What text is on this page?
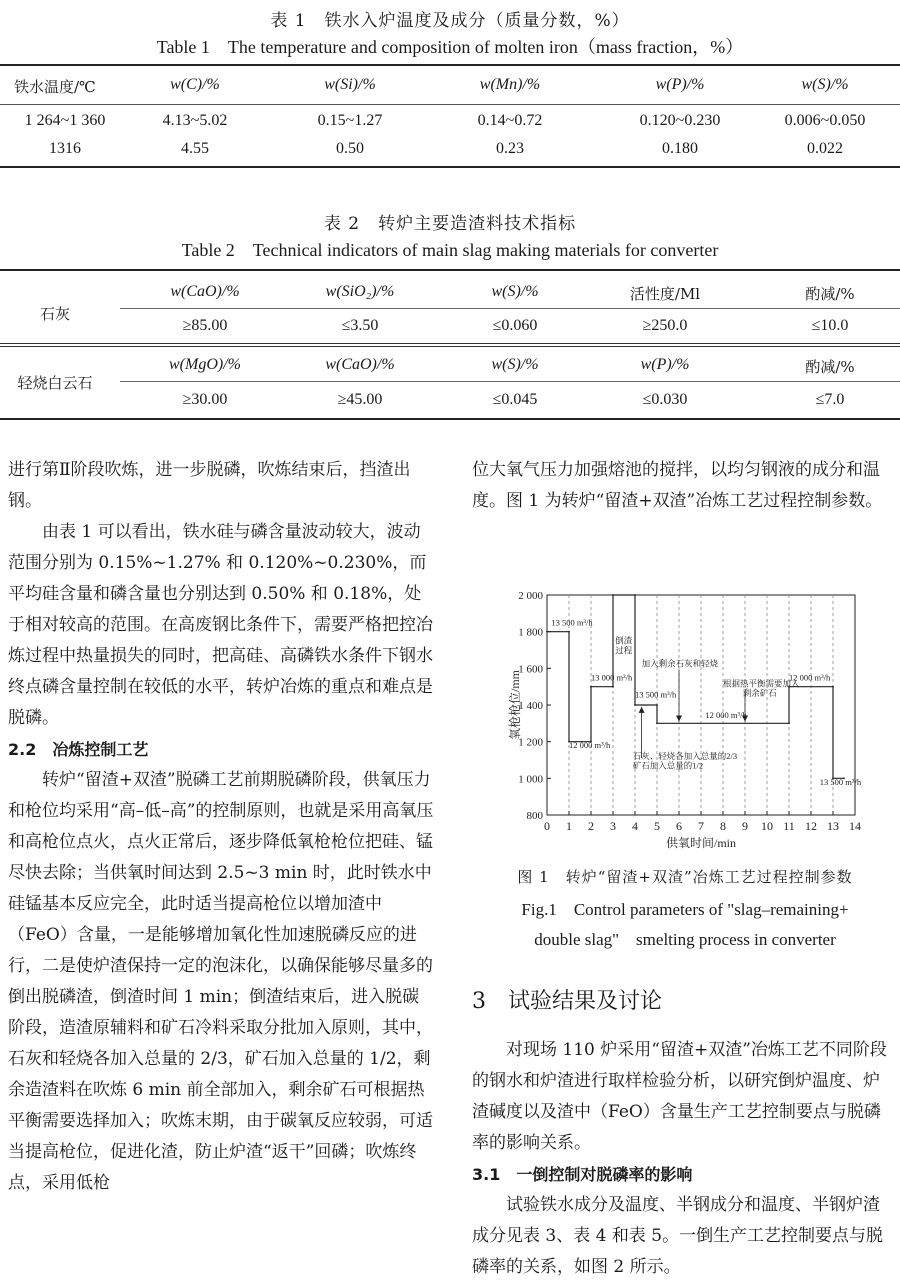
表 1　铁水入炉温度及成分（质量分数，%）
Table 1　The temperature and composition of molten iron（mass fraction，%）
铁水温度/℃	w(C)/%	w(Si)/%	w(Mn)/%	w(P)/%	w(S)/%
1 264~1 360	4.13~5.02	0.15~1.27	0.14~0.72	0.120~0.230	0.006~0.050
1316	4.55	0.50	0.23	0.180	0.022
表 2　转炉主要造渣料技术指标
Table 2　Technical indicators of main slag making materials for converter
石灰
w(CaO)/%	w(SiO₂)/%	w(S)/%	活性度/Ml	酌减/%
≥85.00	≤3.50	≤0.060	≥250.0	≤10.0
轻烧白云石
w(MgO)/%	w(CaO)/%	w(S)/%	w(P)/%	酌减/%
≥30.00	≥45.00	≤0.045	≤0.030	≤7.0

进行第Ⅱ阶段吹炼，进一步脱磷，吹炼结束后，挡渣出钢。

由表 1 可以看出，铁水硅与磷含量波动较大，波动范围分别为 0.15%~1.27% 和 0.120%~0.230%，而平均硅含量和磷含量也分别达到 0.50% 和 0.18%，处于相对较高的范围。在高废钢比条件下，需要严格把控冶炼过程中热量损失的同时，把高硅、高磷铁水条件下钢水终点磷含量控制在较低的水平，转炉冶炼的重点和难点是脱磷。

2.2　冶炼控制工艺

转炉“留渣+双渣”脱磷工艺前期脱磷阶段，供氧压力和枪位均采用“高–低–高”的控制原则，也就是采用高氧压和高枪位点火，点火正常后，逐步降低氧枪枪位把硅、锰尽快去除；当供氧时间达到 2.5~3 min 时，此时铁水中硅锰基本反应完全，此时适当提高枪位以增加渣中（FeO）含量，一是能够增加氧化性加速脱磷反应的进行，二是使炉渣保持一定的泡沫化，以确保能够尽量多的倒出脱磷渣，倒渣时间 1 min；倒渣结束后，进入脱碳阶段，造渣原辅料和矿石冷料采取分批加入原则，其中，石灰和轻烧各加入总量的 2/3，矿石加入总量的 1/2，剩余造渣料在吹炼 6 min 前全部加入，剩余矿石可根据热平衡需要选择加入；吹炼末期，由于碳氧反应较弱，可适当提高枪位，促进化渣，防止炉渣“返干”回磷；吹炼终点，采用低枪

位大氧气压力加强熔池的搅拌，以均匀钢液的成分和温度。图 1 为转炉“留渣+双渣”冶炼工艺过程控制参数。

0 1 2 3 4 5 6 7 8 9 10 11 12 13 14
800
1 000
1 200
1 400
1 600
1 800
2 000
供氧时间/min
氧枪枪位/mm
13 500 m³/h
倒渣
过程
13 000 m³/h
加入剩余石灰和轻烧
13 500 m³/h
根据热平衡需要加入
剩余矿石
12 000 m³/h
12 000 m³/h
12 000 m³/h
石灰、轻烧各加入总量的2/3
矿石加入总量的1/2
13 500 m³/h
图 1　转炉“留渣+双渣”冶炼工艺过程控制参数
Fig.1　Control parameters of "slag–remaining+
double slag"　smelting process in converter

3　试验结果及讨论

对现场 110 炉采用“留渣+双渣”冶炼工艺不同阶段的钢水和炉渣进行取样检验分析，以研究倒炉温度、炉渣碱度以及渣中（FeO）含量生产工艺控制要点与脱磷率的影响关系。

3.1　一倒控制对脱磷率的影响

试验铁水成分及温度、半钢成分和温度、半钢炉渣成分见表 3、表 4 和表 5。一倒生产工艺控制要点与脱磷率的关系，如图 2 所示。
